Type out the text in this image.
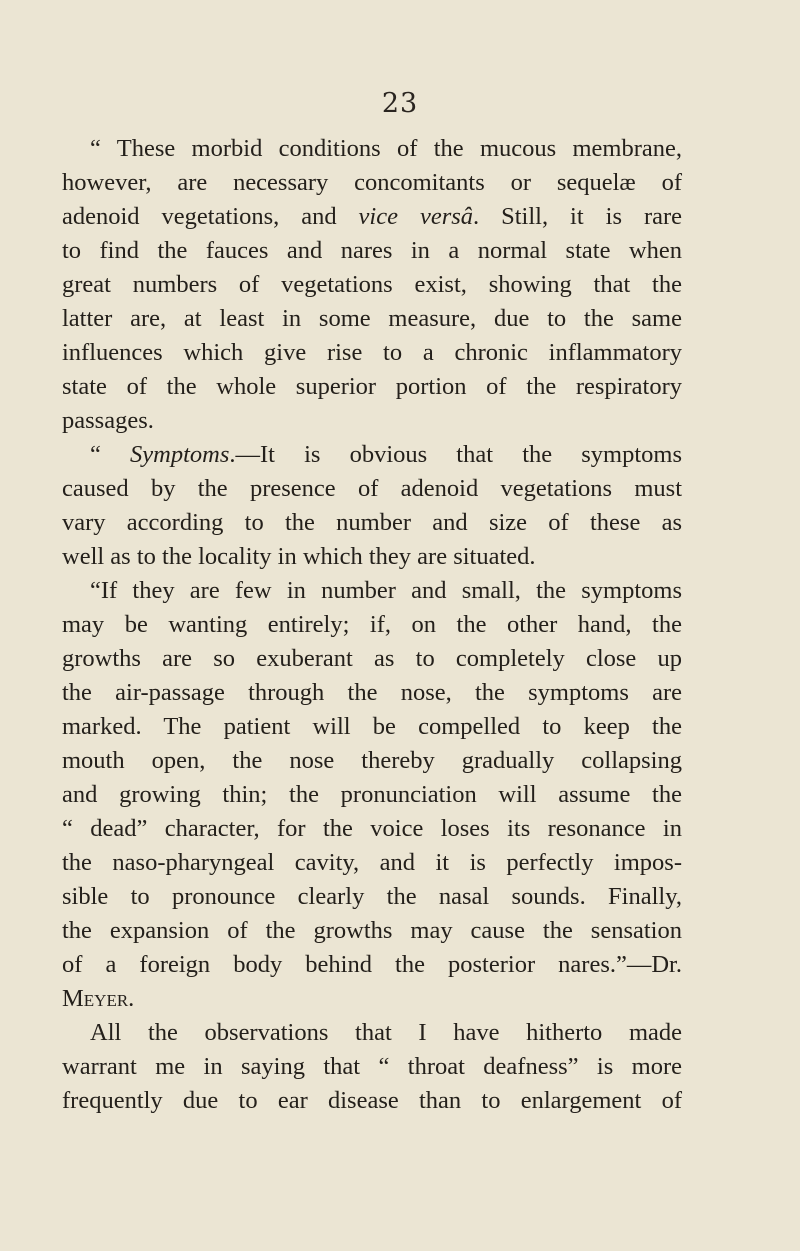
23

“ These morbid conditions of the mucous membrane,
however, are necessary concomitants or sequelæ of
adenoid vegetations, and vice versâ. Still, it is rare
to find the fauces and nares in a normal state when
great numbers of vegetations exist, showing that the
latter are, at least in some measure, due to the same
influences which give rise to a chronic inflammatory
state of the whole superior portion of the respiratory
passages.

“ Symptoms.—It is obvious that the symptoms
caused by the presence of adenoid vegetations must
vary according to the number and size of these as
well as to the locality in which they are situated.

“If they are few in number and small, the symptoms
may be wanting entirely; if, on the other hand, the
growths are so exuberant as to completely close up
the air-passage through the nose, the symptoms are
marked. The patient will be compelled to keep the
mouth open, the nose thereby gradually collapsing
and growing thin; the pronunciation will assume the
“ dead” character, for the voice loses its resonance in
the naso-pharyngeal cavity, and it is perfectly impos-
sible to pronounce clearly the nasal sounds. Finally,
the expansion of the growths may cause the sensation
of a foreign body behind the posterior nares.”—Dr.
Meyer.

All the observations that I have hitherto made
warrant me in saying that “ throat deafness” is more
frequently due to ear disease than to enlargement of
